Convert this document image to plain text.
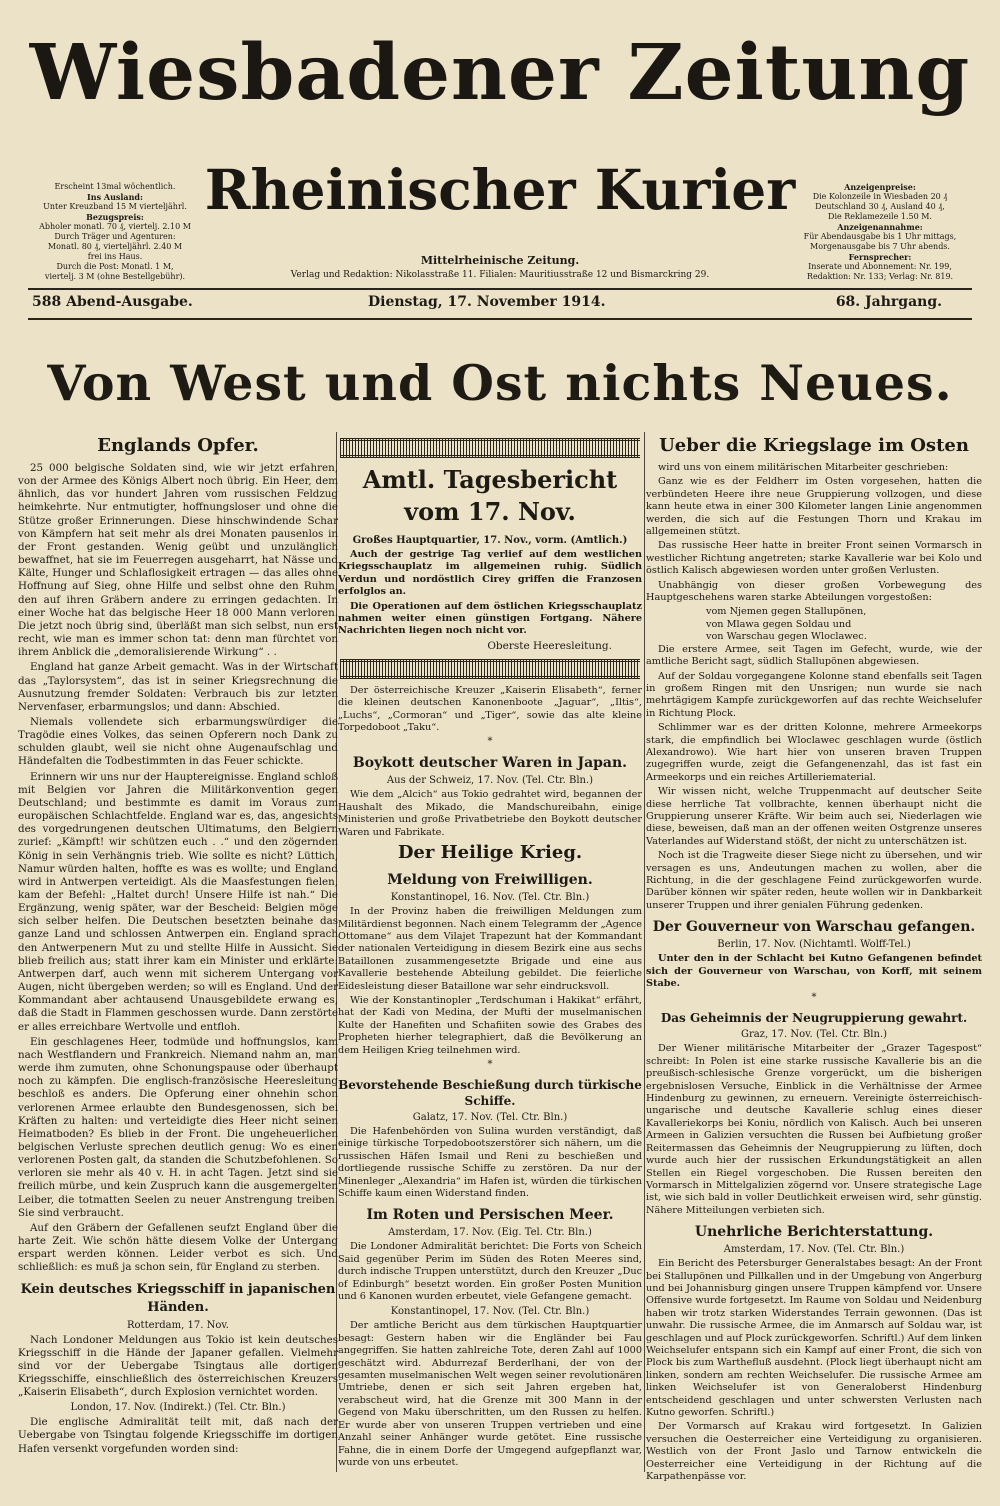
Wiesbadener Zeitung
Erscheint 13mal wöchentlich.
Ins Ausland:
Unter Kreuzband 15 M vierteljährl.
Bezugspreis:
Abholer monatl. 70 ₰, viertelj. 2.10 M
Durch Träger und Agenturen:
Monatl. 80 ₰, vierteljährl. 2.40 M
frei ins Haus.
Durch die Post: Monatl. 1 M,
viertelj. 3 M (ohne Bestellgebühr).
Rheinischer Kurier	Anzeigenpreise:
Die Kolonzeile in Wiesbaden 20 ₰
Deutschland 30 ₰, Ausland 40 ₰,
Die Reklamezeile 1.50 M.
Anzeigenannahme:
Für Abendausgabe bis 1 Uhr mittags,
Morgenausgabe bis 7 Uhr abends.
Fernsprecher:
Inserate und Abonnement: Nr. 199,
Redaktion: Nr. 133; Verlag: Nr. 819.
Mittelrheinische Zeitung.
Verlag und Redaktion: Nikolasstraße 11. Filialen: Mauritiusstraße 12 und Bismarckring 29.
588 Abend-Ausgabe.	Dienstag, 17. November 1914.	68. Jahrgang.
Von West und Ost nichts Neues.
Englands Opfer.

25 000 belgische Soldaten sind, wie wir jetzt erfahren, von der Armee des Königs Albert noch übrig. Ein Heer, dem ähnlich, das vor hundert Jahren vom russischen Feldzug heimkehrte. Nur entmutigter, hoffnungsloser und ohne die Stütze großer Erinnerungen. Diese hinschwindende Schar von Kämpfern hat seit mehr als drei Monaten pausenlos in der Front gestanden. Wenig geübt und unzulänglich bewaffnet, hat sie im Feuerregen ausgeharrt, hat Nässe und Kälte, Hunger und Schlaflosigkeit ertragen — das alles ohne Hoffnung auf Sieg, ohne Hilfe und selbst ohne den Ruhm, den auf ihren Gräbern andere zu erringen gedachten. In einer Woche hat das belgische Heer 18 000 Mann verloren. Die jetzt noch übrig sind, überläßt man sich selbst, nun erst recht, wie man es immer schon tat: denn man fürchtet von ihrem Anblick die „demoralisierende Wirkung“ . .

England hat ganze Arbeit gemacht. Was in der Wirtschaft das „Taylorsystem“, das ist in seiner Kriegsrechnung die Ausnutzung fremder Soldaten: Verbrauch bis zur letzten Nervenfaser, erbarmungslos; und dann: Abschied.

Niemals vollendete sich erbarmungswürdiger die Tragödie eines Volkes, das seinen Opferern noch Dank zu schulden glaubt, weil sie nicht ohne Augenaufschlag und Händefalten die Todbestimmten in das Feuer schickte.

Erinnern wir uns nur der Hauptereignisse. England schloß mit Belgien vor Jahren die Militärkonvention gegen Deutschland; und bestimmte es damit im Voraus zum europäischen Schlachtfelde. England war es, das, angesichts des vorgedrungenen deutschen Ultimatums, den Belgiern zurief: „Kämpft! wir schützen euch . .“ und den zögernden König in sein Verhängnis trieb. Wie sollte es nicht? Lüttich, Namur würden halten, hoffte es was es wollte; und England wird in Antwerpen verteidigt. Als die Maasfestungen fielen, kam der Befehl: „Haltet durch! Unsere Hilfe ist nah.“ Die Ergänzung, wenig später, war der Bescheid: Belgien möge sich selber helfen. Die Deutschen besetzten beinahe das ganze Land und schlossen Antwerpen ein. England sprach den Antwerpenern Mut zu und stellte Hilfe in Aussicht. Sie blieb freilich aus; statt ihrer kam ein Minister und erklärte: Antwerpen darf, auch wenn mit sicherem Untergang vor Augen, nicht übergeben werden; so will es England. Und der Kommandant aber achtausend Unausgebildete erwang es, daß die Stadt in Flammen geschossen wurde. Dann zerstörte er alles erreichbare Wertvolle und entfloh.

Ein geschlagenes Heer, todmüde und hoffnungslos, kam nach Westflandern und Frankreich. Niemand nahm an, man werde ihm zumuten, ohne Schonungspause oder überhaupt noch zu kämpfen. Die englisch-französische Heeresleitung beschloß es anders. Die Opferung einer ohnehin schon verlorenen Armee erlaubte den Bundesgenossen, sich bei Kräften zu halten: und verteidigte dies Heer nicht seinen Heimatboden? Es blieb in der Front. Die ungeheuerlichen belgischen Verluste sprechen deutlich genug: Wo es einen verlorenen Posten galt, da standen die Schutzbefohlenen. So verloren sie mehr als 40 v. H. in acht Tagen. Jetzt sind sie freilich mürbe, und kein Zuspruch kann die ausgemergelten Leiber, die totmatten Seelen zu neuer Anstrengung treiben. Sie sind verbraucht.

Auf den Gräbern der Gefallenen seufzt England über die harte Zeit. Wie schön hätte diesem Volke der Untergang erspart werden können. Leider verbot es sich. Und schließlich: es muß ja schon sein, für England zu sterben.

Kein deutsches Kriegsschiff in japanischen Händen.
Rotterdam, 17. Nov.

Nach Londoner Meldungen aus Tokio ist kein deutsches Kriegsschiff in die Hände der Japaner gefallen. Vielmehr sind vor der Uebergabe Tsingtaus alle dortigen Kriegsschiffe, einschließlich des österreichischen Kreuzers „Kaiserin Elisabeth“, durch Explosion vernichtet worden.

London, 17. Nov. (Indirekt.) (Tel. Ctr. Bln.)

Die englische Admiralität teilt mit, daß nach der Uebergabe von Tsingtau folgende Kriegsschiffe im dortigen Hafen versenkt vorgefunden worden sind:

Amtl. Tagesbericht vom 17. Nov.
Großes Hauptquartier, 17. Nov., vorm. (Amtlich.)

Auch der gestrige Tag verlief auf dem westlichen Kriegsschauplatz im allgemeinen ruhig. Südlich Verdun und nordöstlich Cirey griffen die Franzosen erfolglos an.

Die Operationen auf dem östlichen Kriegsschauplatz nahmen weiter einen günstigen Fortgang. Nähere Nachrichten liegen noch nicht vor.

Oberste Heeresleitung.

Der österreichische Kreuzer „Kaiserin Elisabeth“, ferner die kleinen deutschen Kanonenboote „Jaguar“, „Iltis“, „Luchs“, „Cormoran“ und „Tiger“, sowie das alte kleine Torpedoboot „Taku“.

*
Boykott deutscher Waren in Japan.
Aus der Schweiz, 17. Nov. (Tel. Ctr. Bln.)

Wie dem „Alcich“ aus Tokio gedrahtet wird, begannen der Haushalt des Mikado, die Mandschureibahn, einige Ministerien und große Privatbetriebe den Boykott deutscher Waren und Fabrikate.

Der Heilige Krieg.
Meldung von Freiwilligen.
Konstantinopel, 16. Nov. (Tel. Ctr. Bln.)

In der Provinz haben die freiwilligen Meldungen zum Militärdienst begonnen. Nach einem Telegramm der „Agence Ottomane“ aus dem Vilajet Trapezunt hat der Kommandant der nationalen Verteidigung in diesem Bezirk eine aus sechs Bataillonen zusammengesetzte Brigade und eine aus Kavallerie bestehende Abteilung gebildet. Die feierliche Eidesleistung dieser Bataillone war sehr eindrucksvoll.

Wie der Konstantinopler „Terdschuman i Hakikat“ erfährt, hat der Kadi von Medina, der Mufti der muselmanischen Kulte der Hanefiten und Schafiiten sowie des Grabes des Propheten hierher telegraphiert, daß die Bevölkerung an dem Heiligen Krieg teilnehmen wird.

*
Bevorstehende Beschießung durch türkische Schiffe.
Galatz, 17. Nov. (Tel. Ctr. Bln.)

Die Hafenbehörden von Sulina wurden verständigt, daß einige türkische Torpedobootszerstörer sich nähern, um die russischen Häfen Ismail und Reni zu beschießen und dortliegende russische Schiffe zu zerstören. Da nur der Minenleger „Alexandria“ im Hafen ist, würden die türkischen Schiffe kaum einen Widerstand finden.

Im Roten und Persischen Meer.
Amsterdam, 17. Nov. (Eig. Tel. Ctr. Bln.)

Die Londoner Admiralität berichtet: Die Forts von Scheich Said gegenüber Perim im Süden des Roten Meeres sind, durch indische Truppen unterstützt, durch den Kreuzer „Duc of Edinburgh“ besetzt worden. Ein großer Posten Munition und 6 Kanonen wurden erbeutet, viele Gefangene gemacht.

Konstantinopel, 17. Nov. (Tel. Ctr. Bln.)

Der amtliche Bericht aus dem türkischen Hauptquartier besagt: Gestern haben wir die Engländer bei Fau angegriffen. Sie hatten zahlreiche Tote, deren Zahl auf 1000 geschätzt wird. Abdurrezaf Berderlhani, der von der gesamten muselmanischen Welt wegen seiner revolutionären Umtriebe, denen er sich seit Jahren ergeben hat, verabscheut wird, hat die Grenze mit 300 Mann in der Gegend von Maku überschritten, um den Russen zu helfen. Er wurde aber von unseren Truppen vertrieben und eine Anzahl seiner Anhänger wurde getötet. Eine russische Fahne, die in einem Dorfe der Umgegend aufgepflanzt war, wurde von uns erbeutet.

Ueber die Kriegslage im Osten

wird uns von einem militärischen Mitarbeiter geschrieben:

Ganz wie es der Feldherr im Osten vorgesehen, hatten die verbündeten Heere ihre neue Gruppierung vollzogen, und diese kann heute etwa in einer 300 Kilometer langen Linie angenommen werden, die sich auf die Festungen Thorn und Krakau im allgemeinen stützt.

Das russische Heer hatte in breiter Front seinen Vormarsch in westlicher Richtung angetreten; starke Kavallerie war bei Kolo und östlich Kalisch abgewiesen worden unter großen Verlusten.

Unabhängig von dieser großen Vorbewegung des Hauptgeschehens waren starke Abteilungen vorgestoßen:

vom Njemen gegen Stallupönen,
von Mlawa gegen Soldau und
von Warschau gegen Wloclawec.

Die erstere Armee, seit Tagen im Gefecht, wurde, wie der amtliche Bericht sagt, südlich Stallupönen abgewiesen.

Auf der Soldau vorgegangene Kolonne stand ebenfalls seit Tagen in großem Ringen mit den Unsrigen; nun wurde sie nach mehrtägigem Kampfe zurückgeworfen auf das rechte Weichselufer in Richtung Plock.

Schlimmer war es der dritten Kolonne, mehrere Armeekorps stark, die empfindlich bei Wloclawec geschlagen wurde (östlich Alexandrowo). Wie hart hier von unseren braven Truppen zugegriffen wurde, zeigt die Gefangenenzahl, das ist fast ein Armeekorps und ein reiches Artilleriematerial.

Wir wissen nicht, welche Truppenmacht auf deutscher Seite diese herrliche Tat vollbrachte, kennen überhaupt nicht die Gruppierung unserer Kräfte. Wir beim auch sei, Niederlagen wie diese, beweisen, daß man an der offenen weiten Ostgrenze unseres Vaterlandes auf Widerstand stößt, der nicht zu unterschätzen ist.

Noch ist die Tragweite dieser Siege nicht zu übersehen, und wir versagen es uns, Andeutungen machen zu wollen, aber die Richtung, in die der geschlagene Feind zurückgeworfen wurde. Darüber können wir später reden, heute wollen wir in Dankbarkeit unserer Truppen und ihrer genialen Führung gedenken.

Der Gouverneur von Warschau gefangen.
Berlin, 17. Nov. (Nichtamtl. Wolff-Tel.)

Unter den in der Schlacht bei Kutno Gefangenen befindet sich der Gouverneur von Warschau, von Korff, mit seinem Stabe.

*
Das Geheimnis der Neugruppierung gewahrt.
Graz, 17. Nov. (Tel. Ctr. Bln.)

Der Wiener militärische Mitarbeiter der „Grazer Tagespost“ schreibt: In Polen ist eine starke russische Kavallerie bis an die preußisch-schlesische Grenze vorgerückt, um die bisherigen ergebnislosen Versuche, Einblick in die Verhältnisse der Armee Hindenburg zu gewinnen, zu erneuern. Vereinigte österreichisch-ungarische und deutsche Kavallerie schlug eines dieser Kavalleriekorps bei Koniu, nördlich von Kalisch. Auch bei unseren Armeen in Galizien versuchten die Russen bei Aufbietung großer Reitermassen das Geheimnis der Neugruppierung zu lüften, doch wurde auch hier der russischen Erkundungstätigkeit an allen Stellen ein Riegel vorgeschoben. Die Russen bereiten den Vormarsch in Mittelgalizien zögernd vor. Unsere strategische Lage ist, wie sich bald in voller Deutlichkeit erweisen wird, sehr günstig. Nähere Mitteilungen verbieten sich.

Unehrliche Berichterstattung.
Amsterdam, 17. Nov. (Tel. Ctr. Bln.)

Ein Bericht des Petersburger Generalstabes besagt: An der Front bei Stallupönen und Pillkallen und in der Umgebung von Angerburg und bei Johannisburg gingen unsere Truppen kämpfend vor. Unsere Offensive wurde fortgesetzt. Im Raume von Soldau und Neidenburg haben wir trotz starken Widerstandes Terrain gewonnen. (Das ist unwahr. Die russische Armee, die im Anmarsch auf Soldau war, ist geschlagen und auf Plock zurückgeworfen. Schriftl.) Auf dem linken Weichselufer entspann sich ein Kampf auf einer Front, die sich von Plock bis zum Warthefluß ausdehnt. (Plock liegt überhaupt nicht am linken, sondern am rechten Weichselufer. Die russische Armee am linken Weichselufer ist von Generaloberst Hindenburg entscheidend geschlagen und unter schwersten Verlusten nach Kutno geworfen. Schriftl.)

Der Vormarsch auf Krakau wird fortgesetzt. In Galizien versuchen die Oesterreicher eine Verteidigung zu organisieren. Westlich von der Front Jaslo und Tarnow entwickeln die Oesterreicher eine Verteidigung in der Richtung auf die Karpathenpässe vor.
